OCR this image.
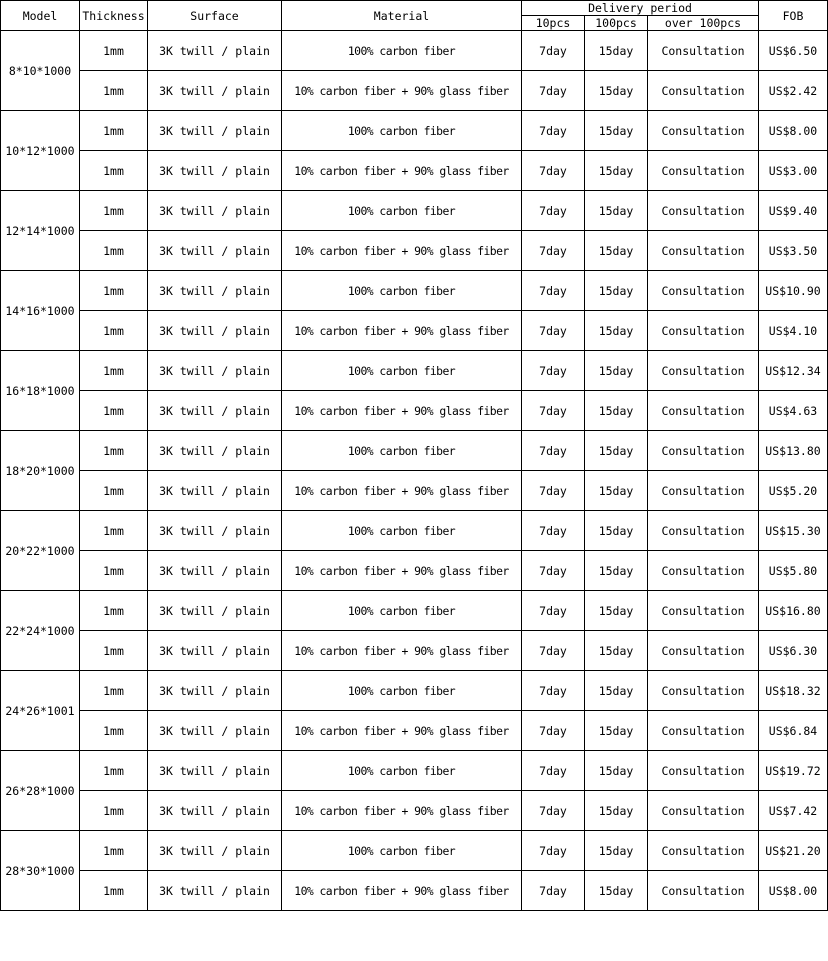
Model	Thickness	Surface	Material	Delivery period			FOB
				10pcs	100pcs	over 100pcs	
8*10*1000	1mm	3K twill / plain	100% carbon fiber	7day	15day	Consultation	US$6.50
	1mm	3K twill / plain	10% carbon fiber + 90% glass fiber	7day	15day	Consultation	US$2.42
10*12*1000	1mm	3K twill / plain	100% carbon fiber	7day	15day	Consultation	US$8.00
	1mm	3K twill / plain	10% carbon fiber + 90% glass fiber	7day	15day	Consultation	US$3.00
12*14*1000	1mm	3K twill / plain	100% carbon fiber	7day	15day	Consultation	US$9.40
	1mm	3K twill / plain	10% carbon fiber + 90% glass fiber	7day	15day	Consultation	US$3.50
14*16*1000	1mm	3K twill / plain	100% carbon fiber	7day	15day	Consultation	US$10.90
	1mm	3K twill / plain	10% carbon fiber + 90% glass fiber	7day	15day	Consultation	US$4.10
16*18*1000	1mm	3K twill / plain	100% carbon fiber	7day	15day	Consultation	US$12.34
	1mm	3K twill / plain	10% carbon fiber + 90% glass fiber	7day	15day	Consultation	US$4.63
18*20*1000	1mm	3K twill / plain	100% carbon fiber	7day	15day	Consultation	US$13.80
	1mm	3K twill / plain	10% carbon fiber + 90% glass fiber	7day	15day	Consultation	US$5.20
20*22*1000	1mm	3K twill / plain	100% carbon fiber	7day	15day	Consultation	US$15.30
	1mm	3K twill / plain	10% carbon fiber + 90% glass fiber	7day	15day	Consultation	US$5.80
22*24*1000	1mm	3K twill / plain	100% carbon fiber	7day	15day	Consultation	US$16.80
	1mm	3K twill / plain	10% carbon fiber + 90% glass fiber	7day	15day	Consultation	US$6.30
24*26*1001	1mm	3K twill / plain	100% carbon fiber	7day	15day	Consultation	US$18.32
	1mm	3K twill / plain	10% carbon fiber + 90% glass fiber	7day	15day	Consultation	US$6.84
26*28*1000	1mm	3K twill / plain	100% carbon fiber	7day	15day	Consultation	US$19.72
	1mm	3K twill / plain	10% carbon fiber + 90% glass fiber	7day	15day	Consultation	US$7.42
28*30*1000	1mm	3K twill / plain	100% carbon fiber	7day	15day	Consultation	US$21.20
	1mm	3K twill / plain	10% carbon fiber + 90% glass fiber	7day	15day	Consultation	US$8.00
